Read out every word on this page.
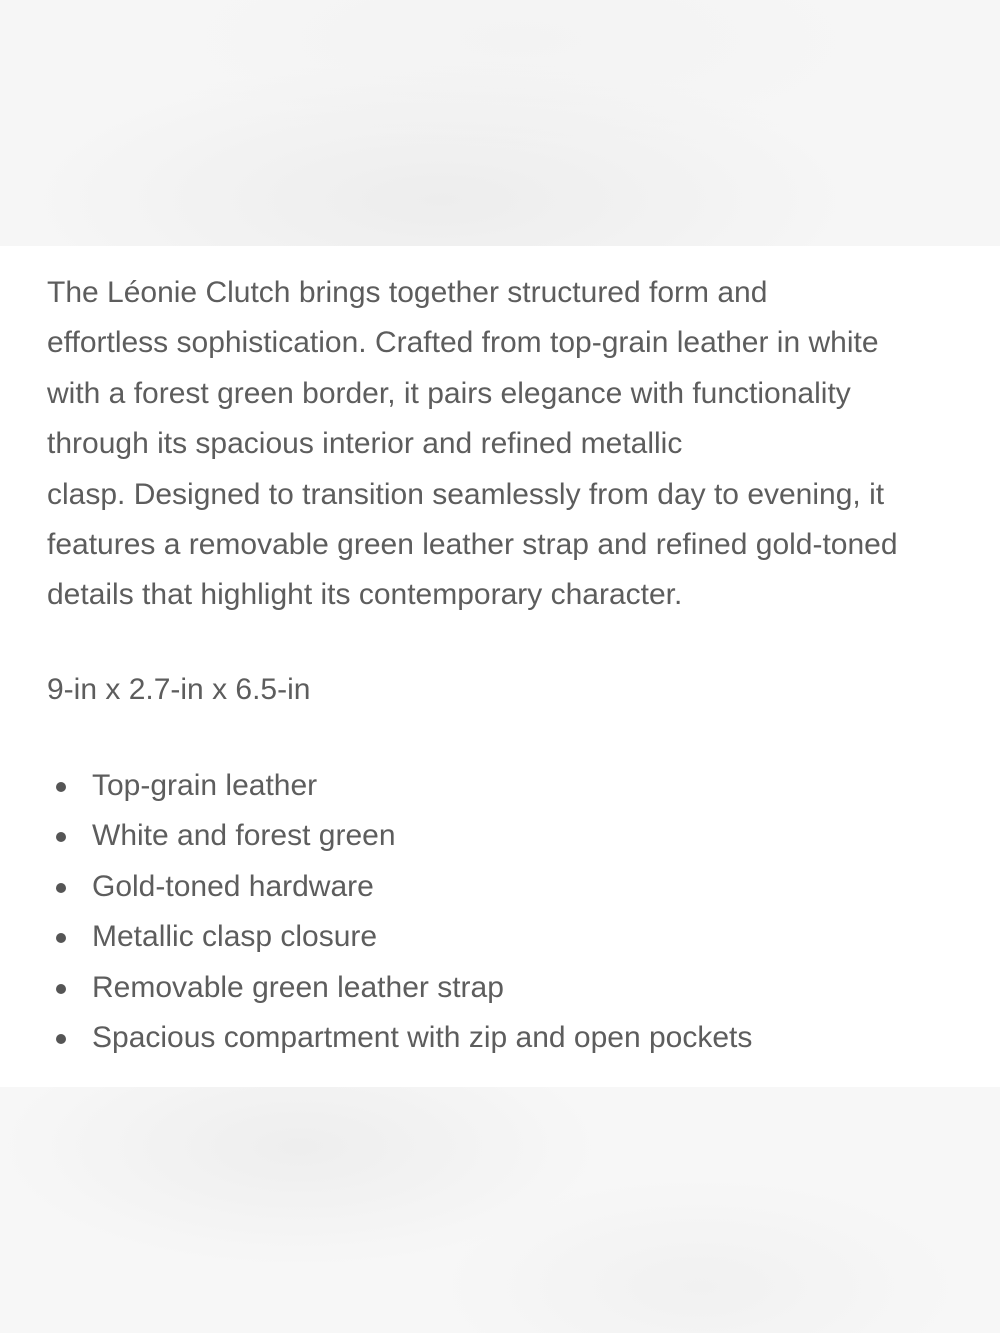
The Léonie Clutch brings together structured form and
effortless sophistication. Crafted from top-grain leather in white
with a forest green border, it pairs elegance with functionality
through its spacious interior and refined metallic
clasp. Designed to transition seamlessly from day to evening, it
features a removable green leather strap and refined gold-toned
details that highlight its contemporary character.

9-in x 2.7-in x 6.5-in

Top-grain leather
White and forest green
Gold-toned hardware
Metallic clasp closure
Removable green leather strap
Spacious compartment with zip and open pockets
